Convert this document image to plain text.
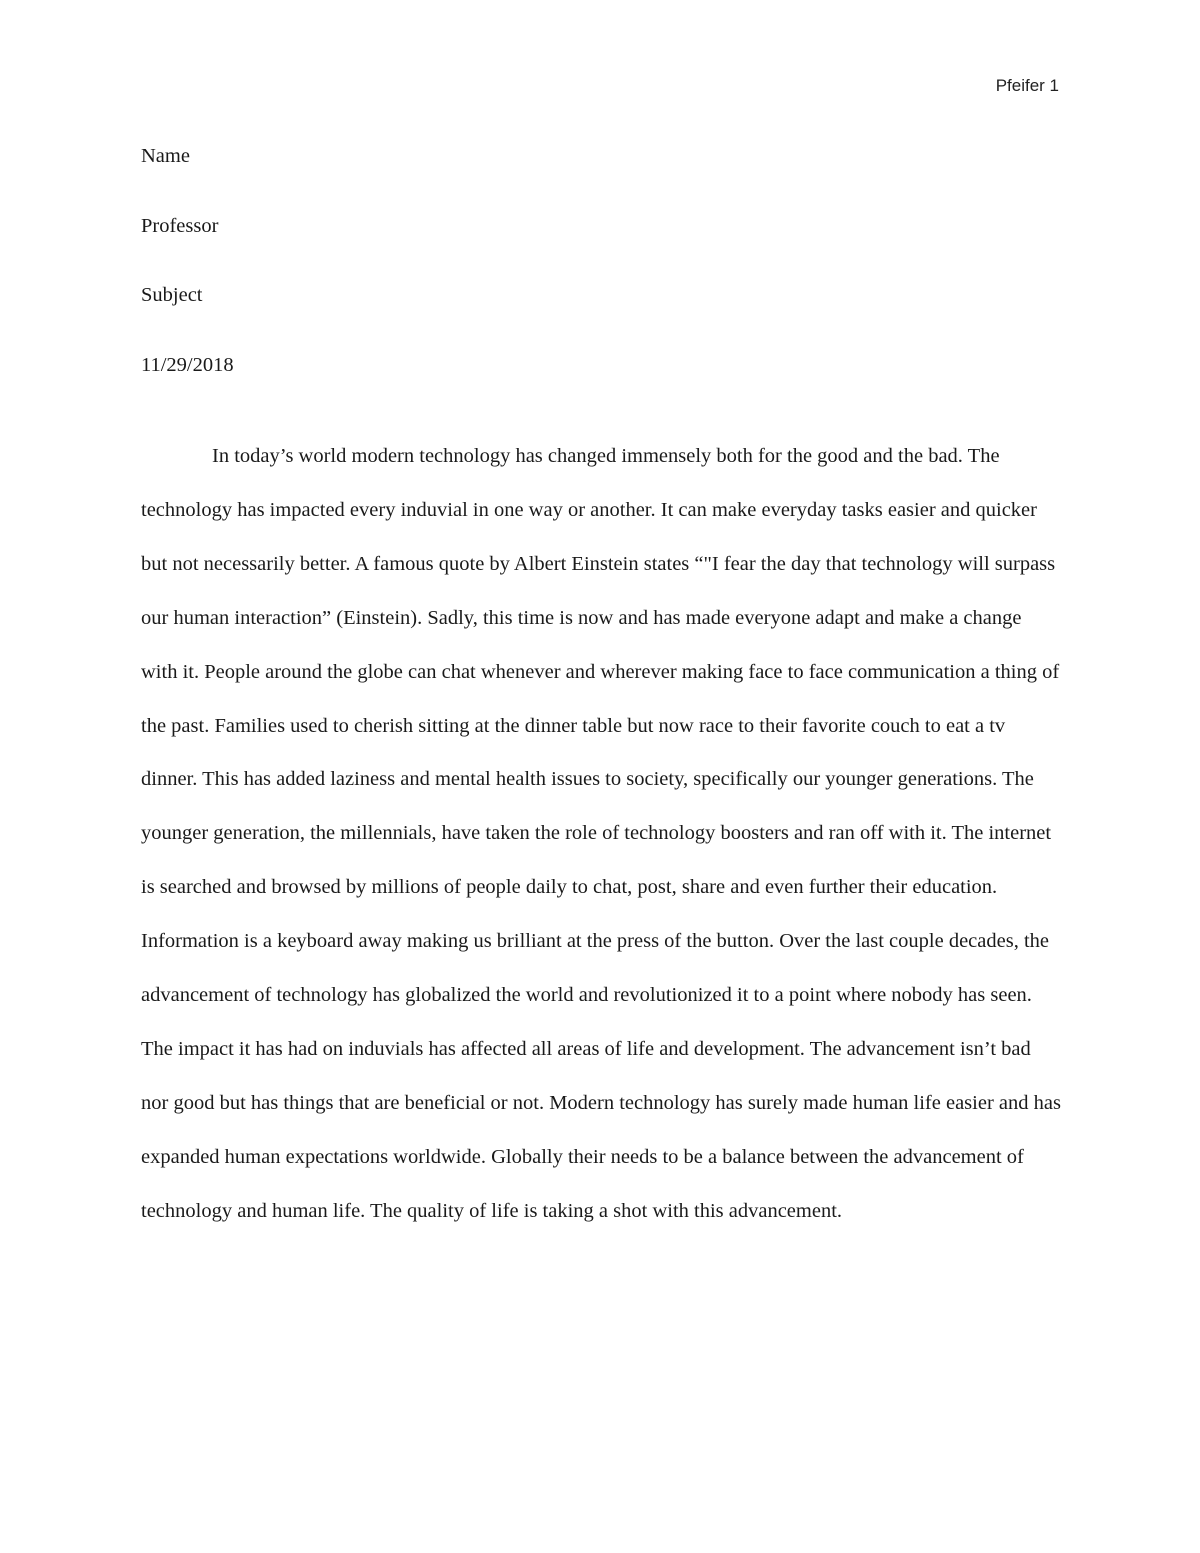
Pfeifer 1

Name

Professor

Subject

11/29/2018

In today’s world modern technology has changed immensely both for the good and the bad. The technology has impacted every induvial in one way or another. It can make everyday tasks easier and quicker but not necessarily better. A famous quote by Albert Einstein states “"I fear the day that technology will surpass our human interaction” (Einstein). Sadly, this time is now and has made everyone adapt and make a change with it. People around the globe can chat whenever and wherever making face to face communication a thing of the past. Families used to cherish sitting at the dinner table but now race to their favorite couch to eat a tv dinner. This has added laziness and mental health issues to society, specifically our younger generations. The younger generation, the millennials, have taken the role of technology boosters and ran off with it. The internet is searched and browsed by millions of people daily to chat, post, share and even further their education. Information is a keyboard away making us brilliant at the press of the button. Over the last couple decades, the advancement of technology has globalized the world and revolutionized it to a point where nobody has seen. The impact it has had on induvials has affected all areas of life and development. The advancement isn’t bad nor good but has things that are beneficial or not. Modern technology has surely made human life easier and has expanded human expectations worldwide. Globally their needs to be a balance between the advancement of technology and human life. The quality of life is taking a shot with this advancement.
